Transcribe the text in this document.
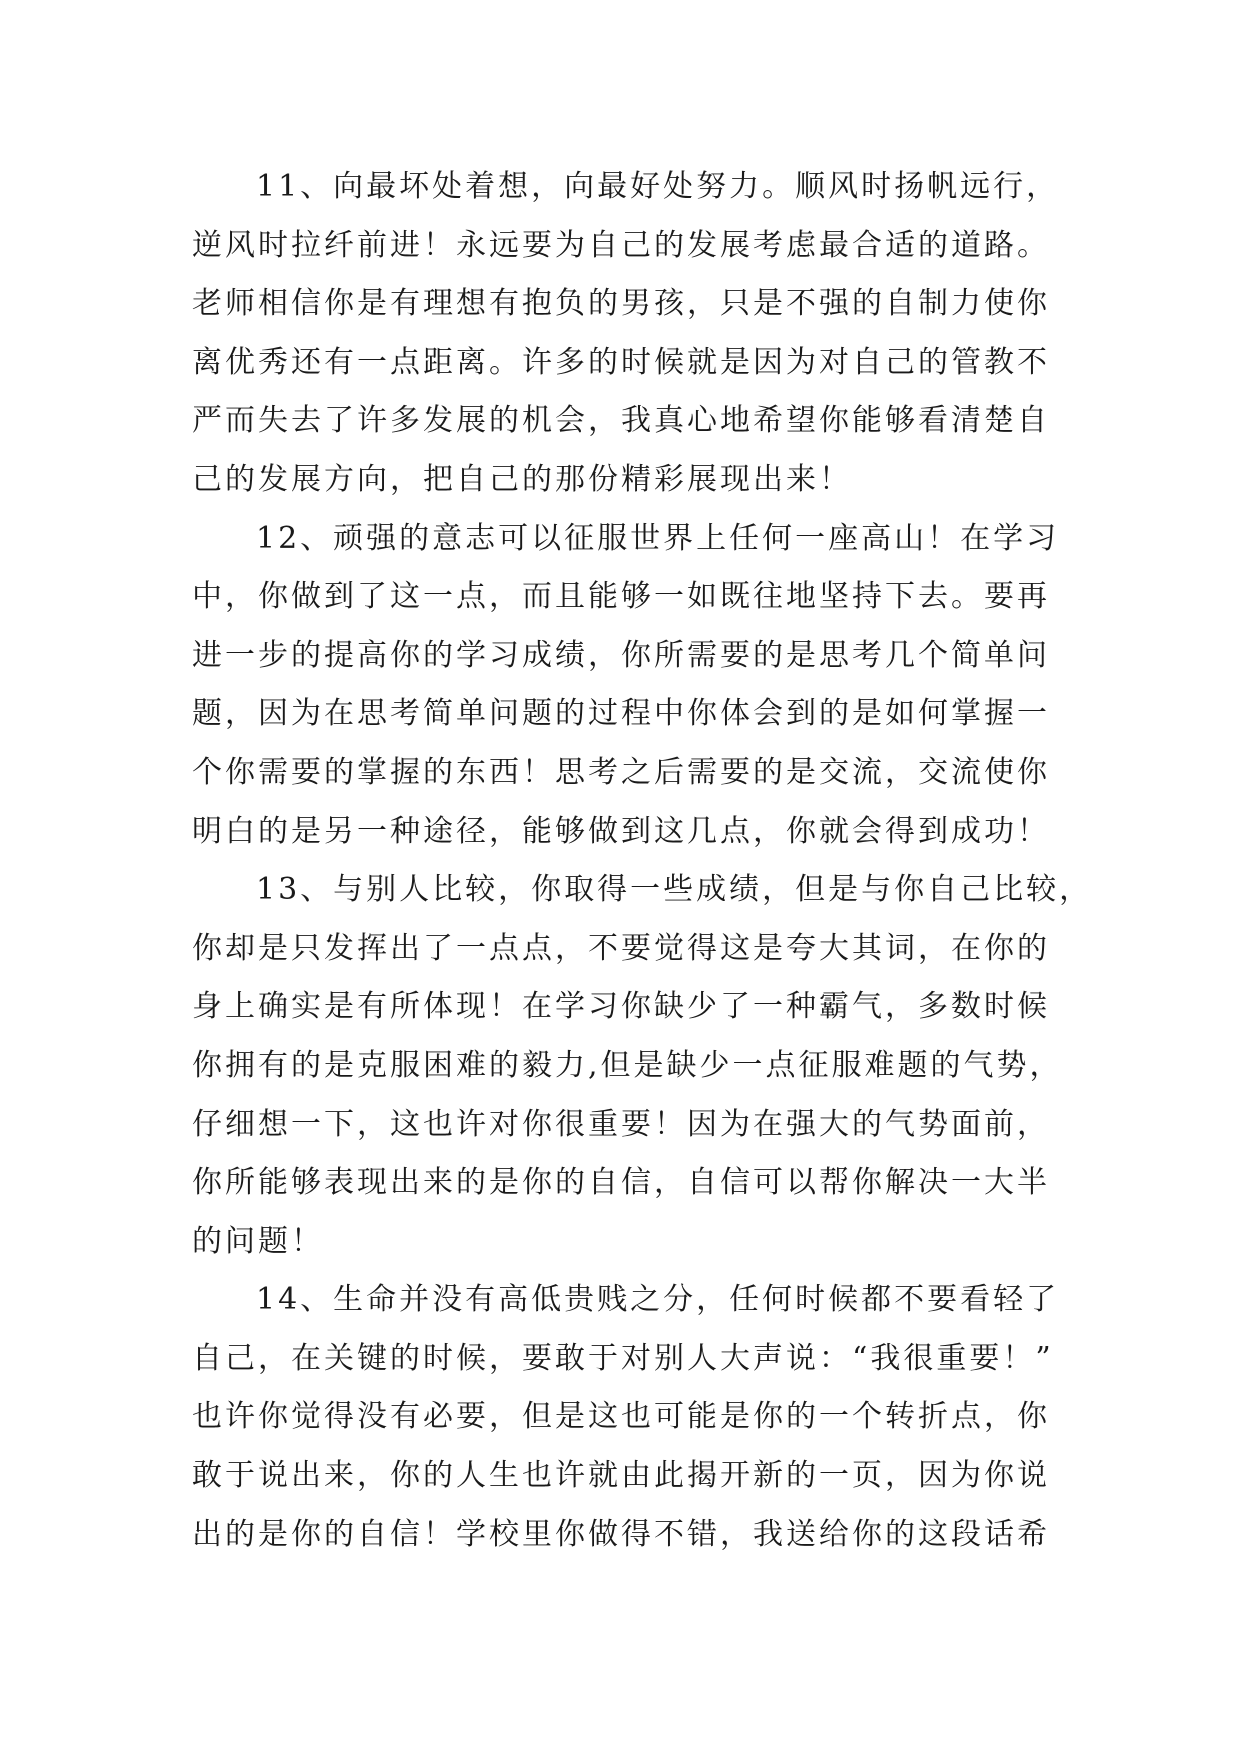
11、向最坏处着想，向最好处努力。顺风时扬帆远行，
逆风时拉纤前进！永远要为自己的发展考虑最合适的道路。
老师相信你是有理想有抱负的男孩，只是不强的自制力使你
离优秀还有一点距离。许多的时候就是因为对自己的管教不
严而失去了许多发展的机会，我真心地希望你能够看清楚自
己的发展方向，把自己的那份精彩展现出来！
12、顽强的意志可以征服世界上任何一座高山！在学习
中，你做到了这一点，而且能够一如既往地坚持下去。要再
进一步的提高你的学习成绩，你所需要的是思考几个简单问
题，因为在思考简单问题的过程中你体会到的是如何掌握一
个你需要的掌握的东西！思考之后需要的是交流，交流使你
明白的是另一种途径，能够做到这几点，你就会得到成功！
13、与别人比较，你取得一些成绩，但是与你自己比较，
你却是只发挥出了一点点，不要觉得这是夸大其词，在你的
身上确实是有所体现！在学习你缺少了一种霸气，多数时候
你拥有的是克服困难的毅力,但是缺少一点征服难题的气势，
仔细想一下，这也许对你很重要！因为在强大的气势面前，
你所能够表现出来的是你的自信，自信可以帮你解决一大半
的问题！
14、生命并没有高低贵贱之分，任何时候都不要看轻了
自己，在关键的时候，要敢于对别人大声说：“我很重要！”
也许你觉得没有必要，但是这也可能是你的一个转折点，你
敢于说出来，你的人生也许就由此揭开新的一页，因为你说
出的是你的自信！学校里你做得不错，我送给你的这段话希
